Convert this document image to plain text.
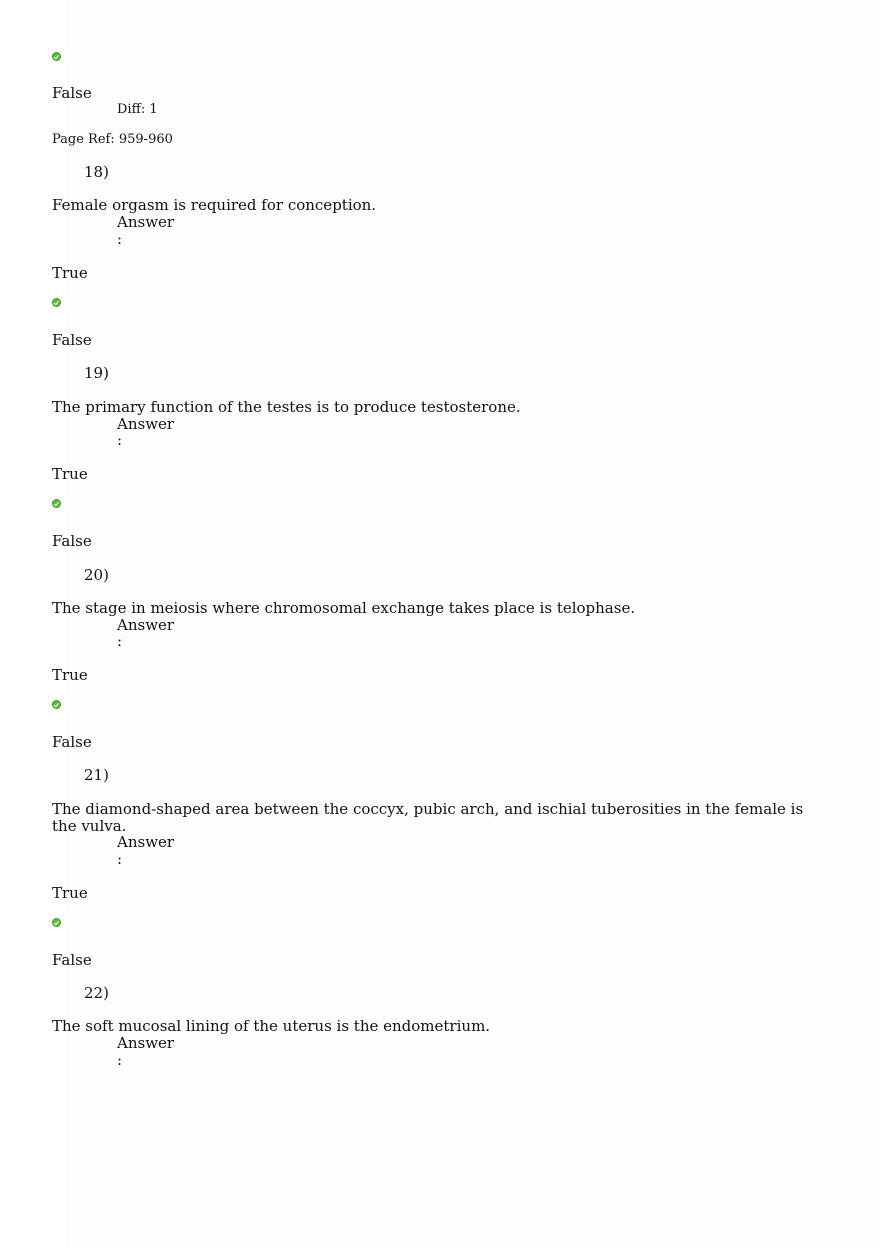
False
Diff: 1
Page Ref: 959-960
18)
Female orgasm is required for conception.
Answer
:
True
False
19)
The primary function of the testes is to produce testosterone.
Answer
:
True
False
20)
The stage in meiosis where chromosomal exchange takes place is telophase.
Answer
:
True
False
21)
The diamond-shaped area between the coccyx, pubic arch, and ischial tuberosities in the female is the vulva.
Answer
:
True
False
22)
The soft mucosal lining of the uterus is the endometrium.
Answer
:
